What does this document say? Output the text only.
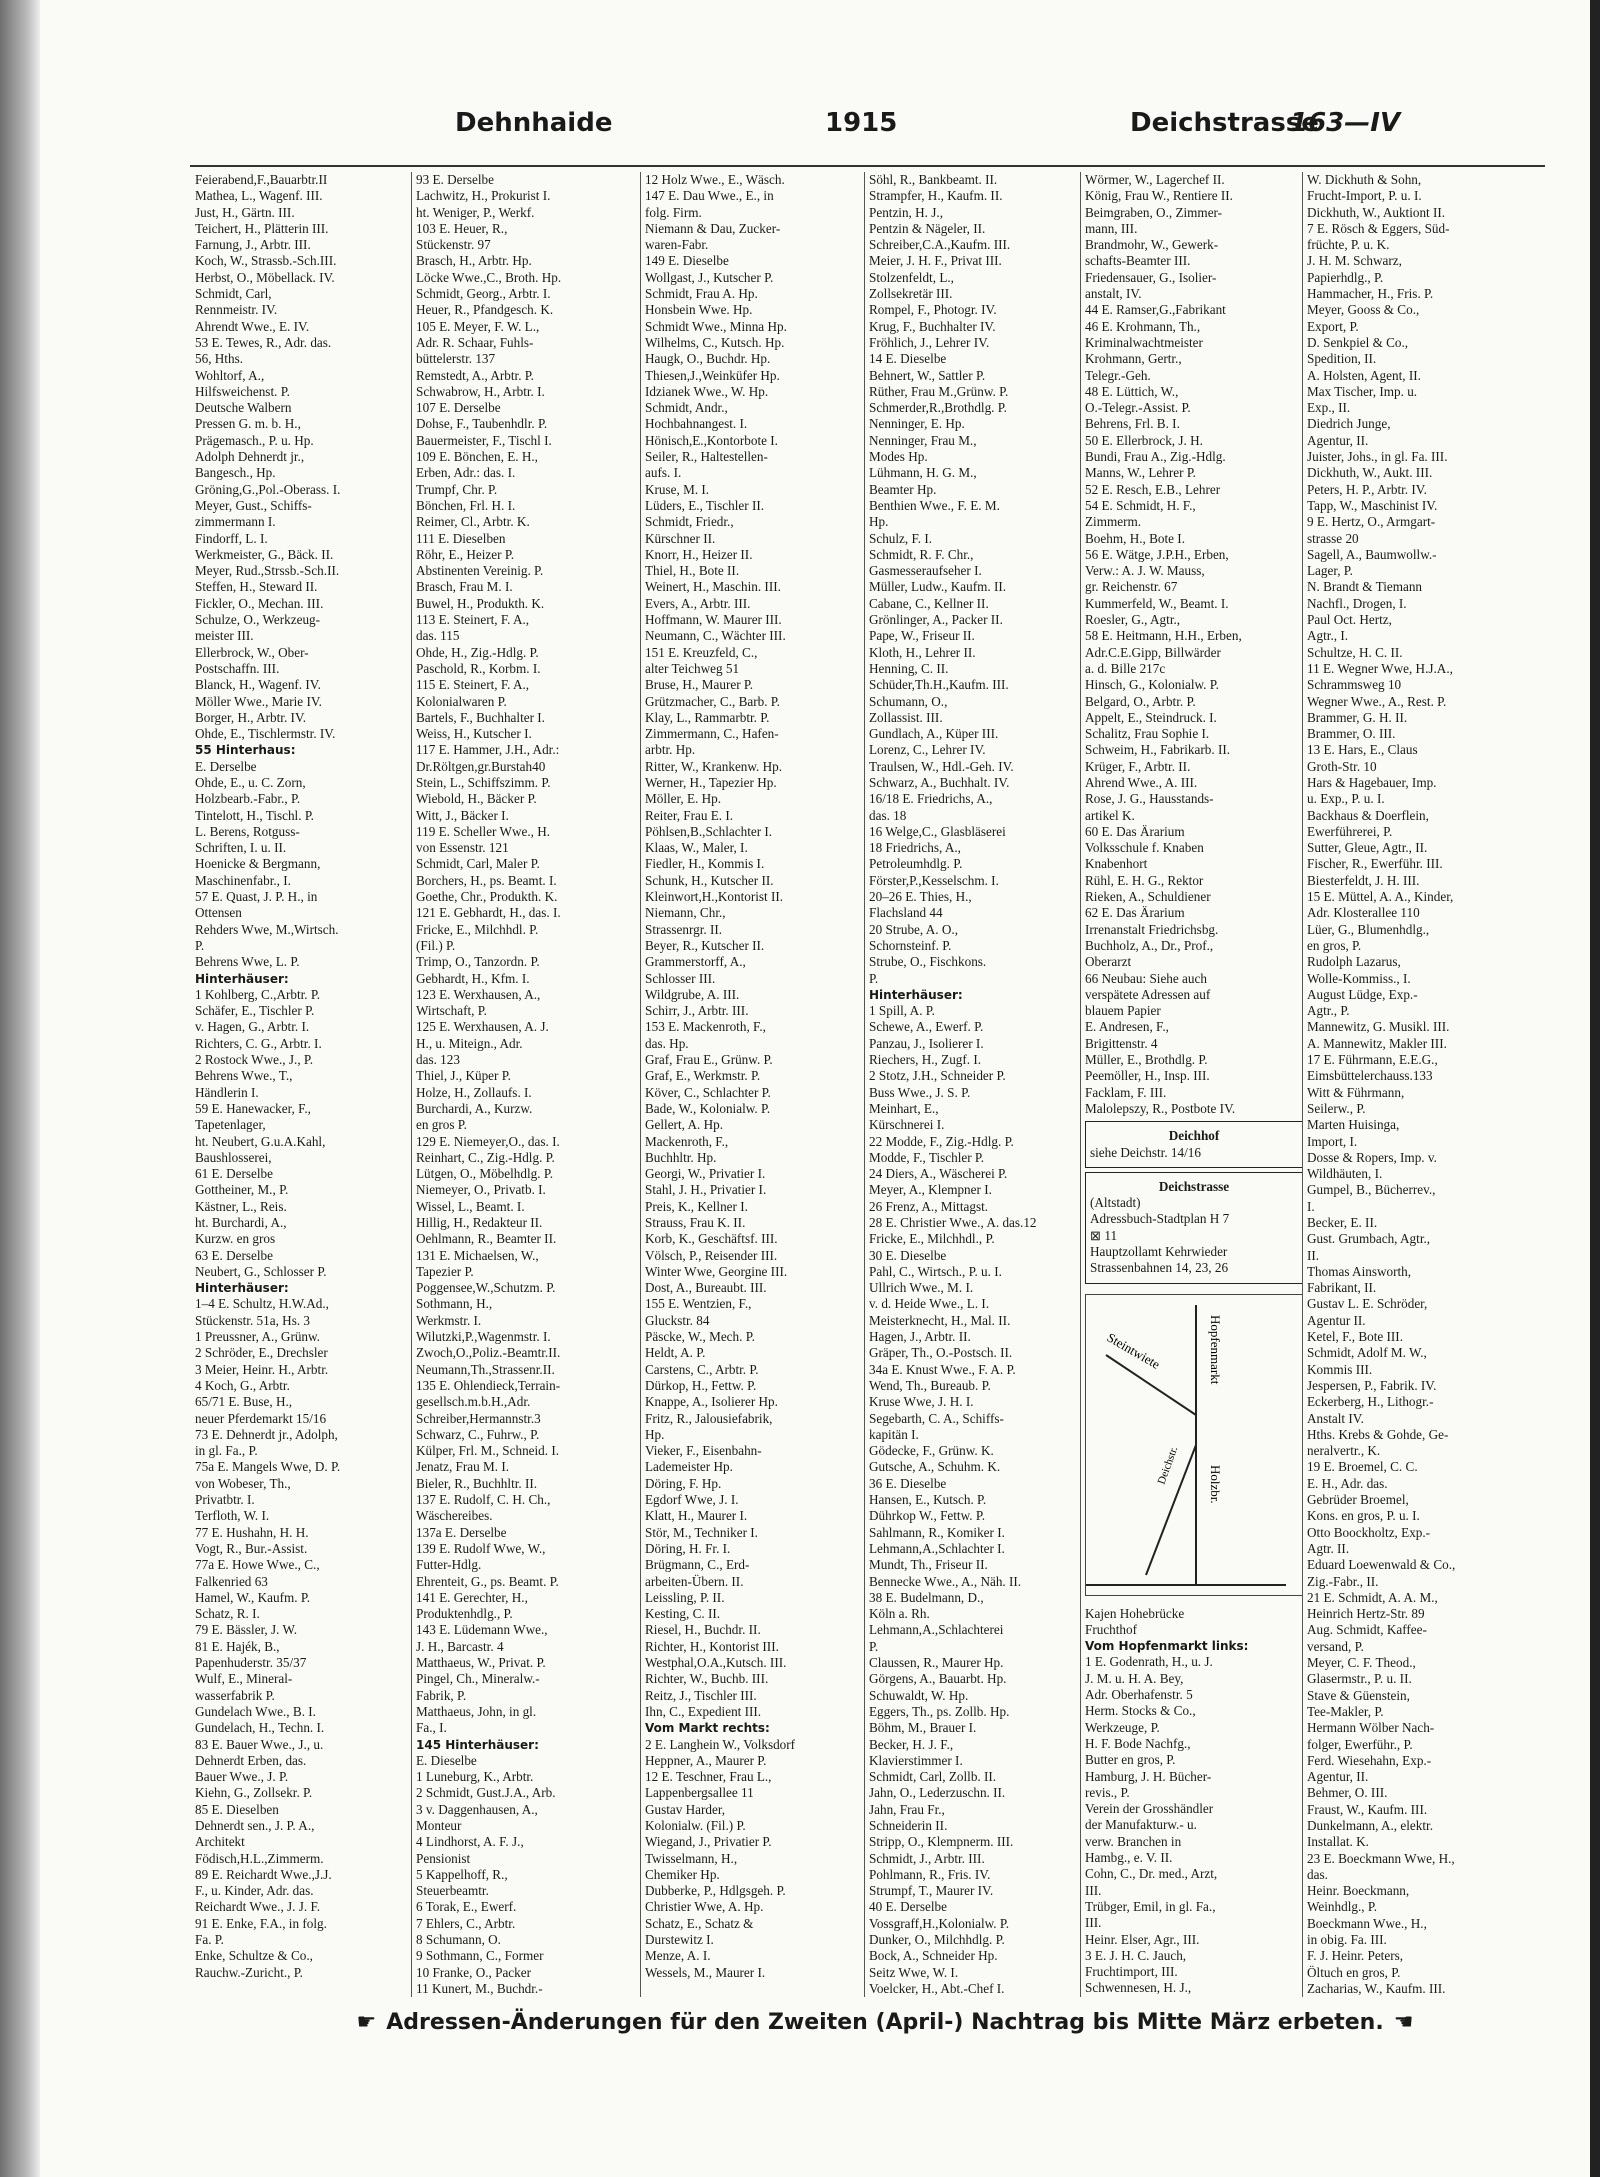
Dehnhaide	1915	Deichstrasse
163—IV
Feierabend,F.,Bauarbtr.II
Mathea, L., Wagenf. III.
Just, H., Gärtn. III.
Teichert, H., Plätterin III.
Farnung, J., Arbtr. III.
Koch, W., Strassb.-Sch.III.
Herbst, O., Möbellack. IV.
Schmidt, Carl,
Rennmeistr. IV.
Ahrendt Wwe., E. IV.
53 E. Tewes, R., Adr. das.
56, Hths.
Wohltorf, A.,
Hilfsweichenst. P.
Deutsche Walbern
Pressen G. m. b. H.,
Prägemasch., P. u. Hp.
Adolph Dehnerdt jr.,
Bangesch., Hp.
Gröning,G.,Pol.-Oberass. I.
Meyer, Gust., Schiffs-
zimmermann I.
Findorff, L. I.
Werkmeister, G., Bäck. II.
Meyer, Rud.,Strssb.-Sch.II.
Steffen, H., Steward II.
Fickler, O., Mechan. III.
Schulze, O., Werkzeug-
meister III.
Ellerbrock, W., Ober-
Postschaffn. III.
Blanck, H., Wagenf. IV.
Möller Wwe., Marie IV.
Borger, H., Arbtr. IV.
Ohde, E., Tischlermstr. IV.
55 Hinterhaus:
E. Derselbe
Ohde, E., u. C. Zorn,
Holzbearb.-Fabr., P.
Tintelott, H., Tischl. P.
L. Berens, Rotguss-
Schriften, I. u. II.
Hoenicke & Bergmann,
Maschinenfabr., I.
57 E. Quast, J. P. H., in
Ottensen
Rehders Wwe, M.,Wirtsch.
P.
Behrens Wwe, L. P.
Hinterhäuser:
1 Kohlberg, C.,Arbtr. P.
Schäfer, E., Tischler P.
v. Hagen, G., Arbtr. I.
Richters, C. G., Arbtr. I.
2 Rostock Wwe., J., P.
Behrens Wwe., T.,
Händlerin I.
59 E. Hanewacker, F.,
Tapetenlager,
ht. Neubert, G.u.A.Kahl,
Baushlosserei,
61 E. Derselbe
Gottheiner, M., P.
Kästner, L., Reis.
ht. Burchardi, A.,
Kurzw. en gros
63 E. Derselbe
Neubert, G., Schlosser P.
Hinterhäuser:
1–4 E. Schultz, H.W.Ad.,
Stückenstr. 51a, Hs. 3
1 Preussner, A., Grünw.
2 Schröder, E., Drechsler
3 Meier, Heinr. H., Arbtr.
4 Koch, G., Arbtr.
65/71 E. Buse, H.,
neuer Pferdemarkt 15/16
73 E. Dehnerdt jr., Adolph,
in gl. Fa., P.
75a E. Mangels Wwe, D. P.
von Wobeser, Th.,
Privatbtr. I.
Terfloth, W. I.
77 E. Hushahn, H. H.
Vogt, R., Bur.-Assist.
77a E. Howe Wwe., C.,
Falkenried 63
Hamel, W., Kaufm. P.
Schatz, R. I.
79 E. Bässler, J. W.
81 E. Hajék, B.,
Papenhuderstr. 35/37
Wulf, E., Mineral-
wasserfabrik P.
Gundelach Wwe., B. I.
Gundelach, H., Techn. I.
83 E. Bauer Wwe., J., u.
Dehnerdt Erben, das.
Bauer Wwe., J. P.
Kiehn, G., Zollsekr. P.
85 E. Dieselben
Dehnerdt sen., J. P. A.,
Architekt
Födisch,H.L.,Zimmerm.
89 E. Reichardt Wwe.,J.J.
F., u. Kinder, Adr. das.
Reichardt Wwe., J. J. F.
91 E. Enke, F.A., in folg.
Fa. P.
Enke, Schultze & Co.,
Rauchw.-Zuricht., P.
93 E. Derselbe
Lachwitz, H., Prokurist I.
ht. Weniger, P., Werkf.
103 E. Heuer, R.,
Stückenstr. 97
Brasch, H., Arbtr. Hp.
Löcke Wwe.,C., Broth. Hp.
Schmidt, Georg., Arbtr. I.
Heuer, R., Pfandgesch. K.
105 E. Meyer, F. W. L.,
Adr. R. Schaar, Fuhls-
büttelerstr. 137
Remstedt, A., Arbtr. P.
Schwabrow, H., Arbtr. I.
107 E. Derselbe
Dohse, F., Taubenhdlr. P.
Bauermeister, F., Tischl I.
109 E. Bönchen, E. H.,
Erben, Adr.: das. I.
Trumpf, Chr. P.
Bönchen, Frl. H. I.
Reimer, Cl., Arbtr. K.
111 E. Dieselben
Röhr, E., Heizer P.
Abstinenten Vereinig. P.
Brasch, Frau M. I.
Buwel, H., Produkth. K.
113 E. Steinert, F. A.,
das. 115
Ohde, H., Zig.-Hdlg. P.
Paschold, R., Korbm. I.
115 E. Steinert, F. A.,
Kolonialwaren P.
Bartels, F., Buchhalter I.
Weiss, H., Kutscher I.
117 E. Hammer, J.H., Adr.:
Dr.Röltgen,gr.Burstah40
Stein, L., Schiffszimm. P.
Wiebold, H., Bäcker P.
Witt, J., Bäcker I.
119 E. Scheller Wwe., H.
von Essenstr. 121
Schmidt, Carl, Maler P.
Borchers, H., ps. Beamt. I.
Goethe, Chr., Produkth. K.
121 E. Gebhardt, H., das. I.
Fricke, E., Milchhdl. P.
(Fil.) P.
Trimp, O., Tanzordn. P.
Gebhardt, H., Kfm. I.
123 E. Werxhausen, A.,
Wirtschaft, P.
125 E. Werxhausen, A. J.
H., u. Miteign., Adr.
das. 123
Thiel, J., Küper P.
Holze, H., Zollaufs. I.
Burchardi, A., Kurzw.
en gros P.
129 E. Niemeyer,O., das. I.
Reinhart, C., Zig.-Hdlg. P.
Lütgen, O., Möbelhdlg. P.
Niemeyer, O., Privatb. I.
Wissel, L., Beamt. I.
Hillig, H., Redakteur II.
Oehlmann, R., Beamter II.
131 E. Michaelsen, W.,
Tapezier P.
Poggensee,W.,Schutzm. P.
Sothmann, H.,
Werkmstr. I.
Wilutzki,P.,Wagenmstr. I.
Zwoch,O.,Poliz.-Beamtr.II.
Neumann,Th.,Strassenr.II.
135 E. Ohlendieck,Terrain-
gesellsch.m.b.H.,Adr.
Schreiber,Hermannstr.3
Schwarz, C., Fuhrw., P.
Külper, Frl. M., Schneid. I.
Jenatz, Frau M. I.
Bieler, R., Buchhltr. II.
137 E. Rudolf, C. H. Ch.,
Wäschereibes.
137a E. Derselbe
139 E. Rudolf Wwe, W.,
Futter-Hdlg.
Ehrenteit, G., ps. Beamt. P.
141 E. Gerechter, H.,
Produktenhdlg., P.
143 E. Lüdemann Wwe.,
J. H., Barcastr. 4
Matthaeus, W., Privat. P.
Pingel, Ch., Mineralw.-
Fabrik, P.
Matthaeus, John, in gl.
Fa., I.
145 Hinterhäuser:
E. Dieselbe
1 Luneburg, K., Arbtr.
2 Schmidt, Gust.J.A., Arb.
3 v. Daggenhausen, A.,
Monteur
4 Lindhorst, A. F. J.,
Pensionist
5 Kappelhoff, R.,
Steuerbeamtr.
6 Torak, E., Ewerf.
7 Ehlers, C., Arbtr.
8 Schumann, O.
9 Sothmann, C., Former
10 Franke, O., Packer
11 Kunert, M., Buchdr.-
12 Holz Wwe., E., Wäsch.
147 E. Dau Wwe., E., in
folg. Firm.
Niemann & Dau, Zucker-
waren-Fabr.
149 E. Dieselbe
Wollgast, J., Kutscher P.
Schmidt, Frau A. Hp.
Honsbein Wwe. Hp.
Schmidt Wwe., Minna Hp.
Wilhelms, C., Kutsch. Hp.
Haugk, O., Buchdr. Hp.
Thiesen,J.,Weinküfer Hp.
Idzianek Wwe., W. Hp.
Schmidt, Andr.,
Hochbahnangest. I.
Hönisch,E.,Kontorbote I.
Seiler, R., Haltestellen-
aufs. I.
Kruse, M. I.
Lüders, E., Tischler II.
Schmidt, Friedr.,
Kürschner II.
Knorr, H., Heizer II.
Thiel, H., Bote II.
Weinert, H., Maschin. III.
Evers, A., Arbtr. III.
Hoffmann, W. Maurer III.
Neumann, C., Wächter III.
151 E. Kreuzfeld, C.,
alter Teichweg 51
Bruse, H., Maurer P.
Grützmacher, C., Barb. P.
Klay, L., Rammarbtr. P.
Zimmermann, C., Hafen-
arbtr. Hp.
Ritter, W., Krankenw. Hp.
Werner, H., Tapezier Hp.
Möller, E. Hp.
Reiter, Frau E. I.
Pöhlsen,B.,Schlachter I.
Klaas, W., Maler, I.
Fiedler, H., Kommis I.
Schunk, H., Kutscher II.
Kleinwort,H.,Kontorist II.
Niemann, Chr.,
Strassenrgr. II.
Beyer, R., Kutscher II.
Grammerstorff, A.,
Schlosser III.
Wildgrube, A. III.
Schirr, J., Arbtr. III.
153 E. Mackenroth, F.,
das. Hp.
Graf, Frau E., Grünw. P.
Graf, E., Werkmstr. P.
Köver, C., Schlachter P.
Bade, W., Kolonialw. P.
Gellert, A. Hp.
Mackenroth, F.,
Buchhltr. Hp.
Georgi, W., Privatier I.
Stahl, J. H., Privatier I.
Preis, K., Kellner I.
Strauss, Frau K. II.
Korb, K., Geschäftsf. III.
Völsch, P., Reisender III.
Winter Wwe, Georgine III.
Dost, A., Bureaubt. III.
155 E. Wentzien, F.,
Gluckstr. 84
Päscke, W., Mech. P.
Heldt, A. P.
Carstens, C., Arbtr. P.
Dürkop, H., Fettw. P.
Knappe, A., Isolierer Hp.
Fritz, R., Jalousiefabrik,
Hp.
Vieker, F., Eisenbahn-
Lademeister Hp.
Döring, F. Hp.
Egdorf Wwe, J. I.
Klatt, H., Maurer I.
Stör, M., Techniker I.
Döring, H. Fr. I.
Brügmann, C., Erd-
arbeiten-Übern. II.
Leissling, P. II.
Kesting, C. II.
Riesel, H., Buchdr. II.
Richter, H., Kontorist III.
Westphal,O.A.,Kutsch. III.
Richter, W., Buchb. III.
Reitz, J., Tischler III.
Ihn, C., Expedient III.
Vom Markt rechts:
2 E. Langhein W., Volksdorf
Heppner, A., Maurer P.
12 E. Teschner, Frau L.,
Lappenbergsallee 11
Gustav Harder,
Kolonialw. (Fil.) P.
Wiegand, J., Privatier P.
Twisselmann, H.,
Chemiker Hp.
Dubberke, P., Hdlgsgeh. P.
Christier Wwe, A. Hp.
Schatz, E., Schatz &
Durstewitz I.
Menze, A. I.
Wessels, M., Maurer I.
Söhl, R., Bankbeamt. II.
Strampfer, H., Kaufm. II.
Pentzin, H. J.,
Pentzin & Nägeler, II.
Schreiber,C.A.,Kaufm. III.
Meier, J. H. F., Privat III.
Stolzenfeldt, L.,
Zollsekretär III.
Rompel, F., Photogr. IV.
Krug, F., Buchhalter IV.
Fröhlich, J., Lehrer IV.
14 E. Dieselbe
Behnert, W., Sattler P.
Rüther, Frau M.,Grünw. P.
Schmerder,R.,Brothdlg. P.
Nenninger, E. Hp.
Nenninger, Frau M.,
Modes Hp.
Lühmann, H. G. M.,
Beamter Hp.
Benthien Wwe., F. E. M.
Hp.
Schulz, F. I.
Schmidt, R. F. Chr.,
Gasmesseraufseher I.
Müller, Ludw., Kaufm. II.
Cabane, C., Kellner II.
Grönlinger, A., Packer II.
Pape, W., Friseur II.
Kloth, H., Lehrer II.
Henning, C. II.
Schüder,Th.H.,Kaufm. III.
Schumann, O.,
Zollassist. III.
Gundlach, A., Küper III.
Lorenz, C., Lehrer IV.
Traulsen, W., Hdl.-Geh. IV.
Schwarz, A., Buchhalt. IV.
16/18 E. Friedrichs, A.,
das. 18
16 Welge,C., Glasbläserei
18 Friedrichs, A.,
Petroleumhdlg. P.
Förster,P.,Kesselschm. I.
20–26 E. Thies, H.,
Flachsland 44
20 Strube, A. O.,
Schornsteinf. P.
Strube, O., Fischkons.
P.
Hinterhäuser:
1 Spill, A. P.
Schewe, A., Ewerf. P.
Panzau, J., Isolierer I.
Riechers, H., Zugf. I.
2 Stotz, J.H., Schneider P.
Buss Wwe., J. S. P.
Meinhart, E.,
Kürschnerei I.
22 Modde, F., Zig.-Hdlg. P.
Modde, F., Tischler P.
24 Diers, A., Wäscherei P.
Meyer, A., Klempner I.
26 Frenz, A., Mittagst.
28 E. Christier Wwe., A. das.12
Fricke, E., Milchhdl., P.
30 E. Dieselbe
Pahl, C., Wirtsch., P. u. I.
Ullrich Wwe., M. I.
v. d. Heide Wwe., L. I.
Meisterknecht, H., Mal. II.
Hagen, J., Arbtr. II.
Gräper, Th., O.-Postsch. II.
34a E. Knust Wwe., F. A. P.
Wend, Th., Bureaub. P.
Kruse Wwe, J. H. I.
Segebarth, C. A., Schiffs-
kapitän I.
Gödecke, F., Grünw. K.
Gutsche, A., Schuhm. K.
36 E. Dieselbe
Hansen, E., Kutsch. P.
Dührkop W., Fettw. P.
Sahlmann, R., Komiker I.
Lehmann,A.,Schlachter I.
Mundt, Th., Friseur II.
Bennecke Wwe., A., Näh. II.
38 E. Budelmann, D.,
Köln a. Rh.
Lehmann,A.,Schlachterei
P.
Claussen, R., Maurer Hp.
Görgens, A., Bauarbt. Hp.
Schuwaldt, W. Hp.
Eggers, Th., ps. Zollb. Hp.
Böhm, M., Brauer I.
Becker, H. J. F.,
Klavierstimmer I.
Schmidt, Carl, Zollb. II.
Jahn, O., Lederzuschn. II.
Jahn, Frau Fr.,
Schneiderin II.
Stripp, O., Klempnerm. III.
Schmidt, J., Arbtr. III.
Pohlmann, R., Fris. IV.
Strumpf, T., Maurer IV.
40 E. Derselbe
Vossgraff,H.,Kolonialw. P.
Dunker, O., Milchhdlg. P.
Bock, A., Schneider Hp.
Seitz Wwe, W. I.
Voelcker, H., Abt.-Chef I.
Wörmer, W., Lagerchef II.
König, Frau W., Rentiere II.
Beimgraben, O., Zimmer-
mann, III.
Brandmohr, W., Gewerk-
schafts-Beamter III.
Friedensauer, G., Isolier-
anstalt, IV.
44 E. Ramser,G.,Fabrikant
46 E. Krohmann, Th.,
Kriminalwachtmeister
Krohmann, Gertr.,
Telegr.-Geh.
48 E. Lüttich, W.,
O.-Telegr.-Assist. P.
Behrens, Frl. B. I.
50 E. Ellerbrock, J. H.
Bundi, Frau A., Zig.-Hdlg.
Manns, W., Lehrer P.
52 E. Resch, E.B., Lehrer
54 E. Schmidt, H. F.,
Zimmerm.
Boehm, H., Bote I.
56 E. Wätge, J.P.H., Erben,
Verw.: A. J. W. Mauss,
gr. Reichenstr. 67
Kummerfeld, W., Beamt. I.
Roesler, G., Agtr.,
58 E. Heitmann, H.H., Erben,
Adr.C.E.Gipp, Billwärder
a. d. Bille 217c
Hinsch, G., Kolonialw. P.
Belgard, O., Arbtr. P.
Appelt, E., Steindruck. I.
Schalitz, Frau Sophie I.
Schweim, H., Fabrikarb. II.
Krüger, F., Arbtr. II.
Ahrend Wwe., A. III.
Rose, J. G., Hausstands-
artikel K.
60 E. Das Ärarium
Volksschule f. Knaben
Knabenhort
Rühl, E. H. G., Rektor
Rieken, A., Schuldiener
62 E. Das Ärarium
Irrenanstalt Friedrichsbg.
Buchholz, A., Dr., Prof.,
Oberarzt
66 Neubau: Siehe auch
verspätete Adressen auf
blauem Papier
E. Andresen, F.,
Brigittenstr. 4
Müller, E., Brothdlg. P.
Peemöller, H., Insp. III.
Facklam, F. III.
Malolepszy, R., Postbote IV.
Deichhof
siehe Deichstr. 14/16
Deichstrasse
(Altstadt)
Adressbuch-Stadtplan H 7
⊠ 11
Hauptzollamt Kehrwieder
Strassenbahnen 14, 23, 26
Hopfenmarkt
Holzbr.
Steintwiete
Deichstr.
Kajen Hohebrücke
Fruchthof
Vom Hopfenmarkt links:
1 E. Godenrath, H., u. J.
J. M. u. H. A. Bey,
Adr. Oberhafenstr. 5
Herm. Stocks & Co.,
Werkzeuge, P.
H. F. Bode Nachfg.,
Butter en gros, P.
Hamburg, J. H. Bücher-
revis., P.
Verein der Grosshändler
der Manufakturw.- u.
verw. Branchen in
Hambg., e. V. II.
Cohn, C., Dr. med., Arzt,
III.
Trübger, Emil, in gl. Fa.,
III.
Heinr. Elser, Agr., III.
3 E. J. H. C. Jauch,
Fruchtimport, III.
Schwennesen, H. J.,
W. Dickhuth & Sohn,
Frucht-Import, P. u. I.
Dickhuth, W., Auktiont II.
7 E. Rösch & Eggers, Süd-
früchte, P. u. K.
J. H. M. Schwarz,
Papierhdlg., P.
Hammacher, H., Fris. P.
Meyer, Gooss & Co.,
Export, P.
D. Senkpiel & Co.,
Spedition, II.
A. Holsten, Agent, II.
Max Tischer, Imp. u.
Exp., II.
Diedrich Junge,
Agentur, II.
Juister, Johs., in gl. Fa. III.
Dickhuth, W., Aukt. III.
Peters, H. P., Arbtr. IV.
Tapp, W., Maschinist IV.
9 E. Hertz, O., Armgart-
strasse 20
Sagell, A., Baumwollw.-
Lager, P.
N. Brandt & Tiemann
Nachfl., Drogen, I.
Paul Oct. Hertz,
Agtr., I.
Schultze, H. C. II.
11 E. Wegner Wwe, H.J.A.,
Schrammsweg 10
Wegner Wwe., A., Rest. P.
Brammer, G. H. II.
Brammer, O. III.
13 E. Hars, E., Claus
Groth-Str. 10
Hars & Hagebauer, Imp.
u. Exp., P. u. I.
Backhaus & Doerflein,
Ewerführerei, P.
Sutter, Gleue, Agtr., II.
Fischer, R., Ewerführ. III.
Biesterfeldt, J. H. III.
15 E. Müttel, A. A., Kinder,
Adr. Klosterallee 110
Lüer, G., Blumenhdlg.,
en gros, P.
Rudolph Lazarus,
Wolle-Kommiss., I.
August Lüdge, Exp.-
Agtr., P.
Mannewitz, G. Musikl. III.
A. Mannewitz, Makler III.
17 E. Führmann, E.E.G.,
Eimsbüttelerchauss.133
Witt & Führmann,
Seilerw., P.
Marten Huisinga,
Import, I.
Dosse & Ropers, Imp. v.
Wildhäuten, I.
Gumpel, B., Bücherrev.,
I.
Becker, E. II.
Gust. Grumbach, Agtr.,
II.
Thomas Ainsworth,
Fabrikant, II.
Gustav L. E. Schröder,
Agentur II.
Ketel, F., Bote III.
Schmidt, Adolf M. W.,
Kommis III.
Jespersen, P., Fabrik. IV.
Eckerberg, H., Lithogr.-
Anstalt IV.
Hths. Krebs & Gohde, Ge-
neralvertr., K.
19 E. Broemel, C. C.
E. H., Adr. das.
Gebrüder Broemel,
Kons. en gros, P. u. I.
Otto Boockholtz, Exp.-
Agtr. II.
Eduard Loewenwald & Co.,
Zig.-Fabr., II.
21 E. Schmidt, A. A. M.,
Heinrich Hertz-Str. 89
Aug. Schmidt, Kaffee-
versand, P.
Meyer, C. F. Theod.,
Glasermstr., P. u. II.
Stave & Güenstein,
Tee-Makler, P.
Hermann Wölber Nach-
folger, Ewerführ., P.
Ferd. Wiesehahn, Exp.-
Agentur, II.
Behmer, O. III.
Fraust, W., Kaufm. III.
Dunkelmann, A., elektr.
Installat. K.
23 E. Boeckmann Wwe, H.,
das.
Heinr. Boeckmann,
Weinhdlg., P.
Boeckmann Wwe., H.,
in obig. Fa. III.
F. J. Heinr. Peters,
Öltuch en gros, P.
Zacharias, W., Kaufm. III.
☛ Adressen-Änderungen für den Zweiten (April-) Nachtrag bis Mitte März erbeten. ☚
